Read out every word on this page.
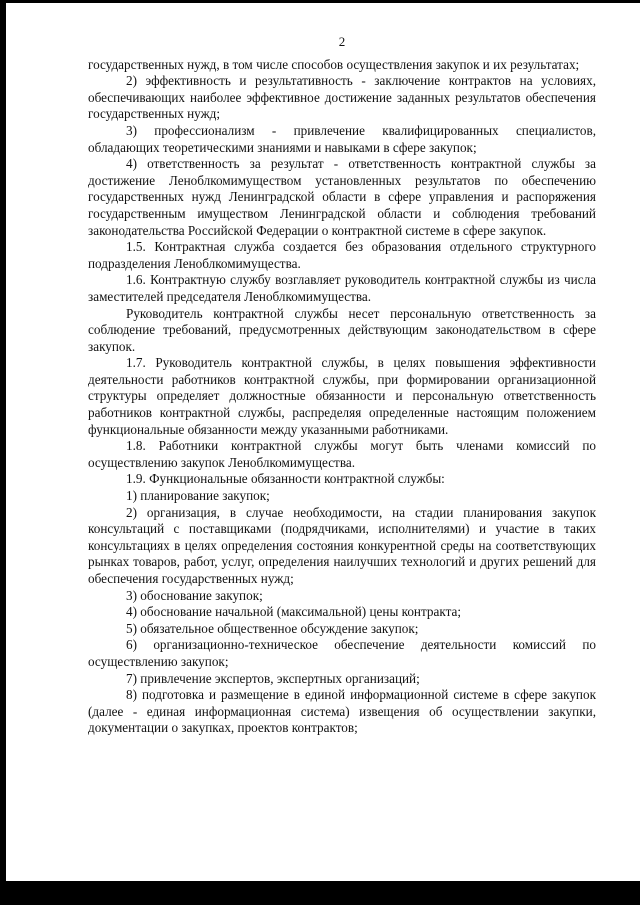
2

государственных нужд, в том числе способов осуществления закупок и их результатах;

2) эффективность и результативность - заключение контрактов на условиях, обеспечивающих наиболее эффективное достижение заданных результатов обеспечения государственных нужд;

3) профессионализм - привлечение квалифицированных специалистов, обладающих теоретическими знаниями и навыками в сфере закупок;

4) ответственность за результат - ответственность контрактной службы за достижение Леноблкомимуществом установленных результатов по обеспечению государственных нужд Ленинградской области в сфере управления и распоряжения государственным имуществом Ленинградской области и соблюдения требований законодательства Российской Федерации о контрактной системе в сфере закупок.

1.5. Контрактная служба создается без образования отдельного структурного подразделения Леноблкомимущества.

1.6. Контрактную службу возглавляет руководитель контрактной службы из числа заместителей председателя Леноблкомимущества.

Руководитель контрактной службы несет персональную ответственность за соблюдение требований, предусмотренных действующим законодательством в сфере закупок.

1.7. Руководитель контрактной службы, в целях повышения эффективности деятельности работников контрактной службы, при формировании организационной структуры определяет должностные обязанности и персональную ответственность работников контрактной службы, распределяя определенные настоящим положением функциональные обязанности между указанными работниками.

1.8. Работники контрактной службы могут быть членами комиссий по осуществлению закупок Леноблкомимущества.

1.9. Функциональные обязанности контрактной службы:

1) планирование закупок;

2) организация, в случае необходимости, на стадии планирования закупок консультаций с поставщиками (подрядчиками, исполнителями) и участие в таких консультациях в целях определения состояния конкурентной среды на соответствующих рынках товаров, работ, услуг, определения наилучших технологий и других решений для обеспечения государственных нужд;

3) обоснование закупок;

4) обоснование начальной (максимальной) цены контракта;

5) обязательное общественное обсуждение закупок;

6) организационно-техническое обеспечение деятельности комиссий по осуществлению закупок;

7) привлечение экспертов, экспертных организаций;

8) подготовка и размещение в единой информационной системе в сфере закупок (далее - единая информационная система) извещения об осуществлении закупки, документации о закупках, проектов контрактов;
